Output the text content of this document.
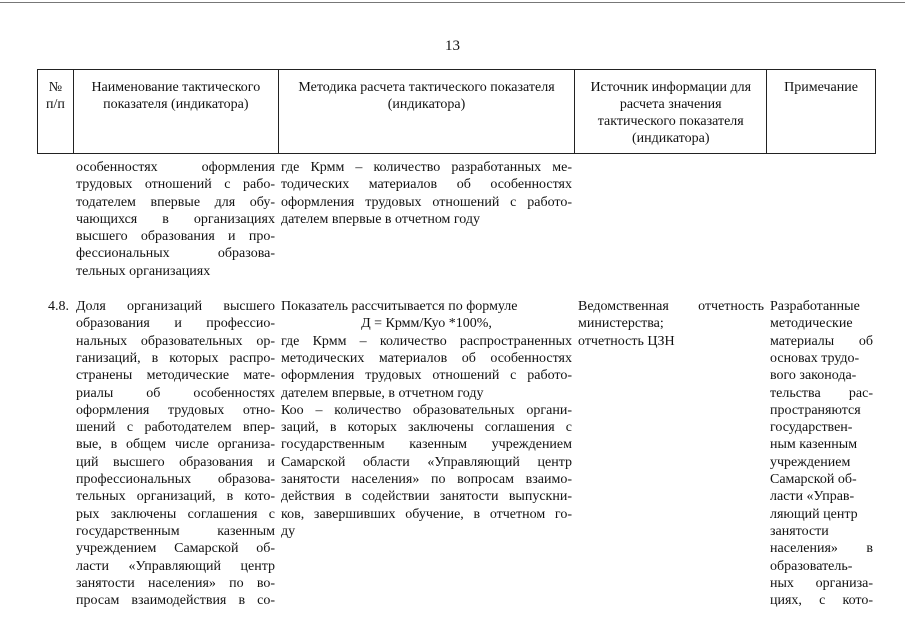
13
№
п/п
Наименование тактического
показателя (индикатора)
Методика расчета тактического показателя
(индикатора)
Источник информации для
расчета значения
тактического показателя
(индикатора)
Примечание
особенностях оформления
трудовых отношений с рабо-
тодателем впервые для обу-
чающихся в организациях
высшего образования и про-
фессиональных образова-
тельных организациях
где Крмм – количество разработанных ме-
тодических материалов об особенностях
оформления трудовых отношений с работо-
дателем впервые в отчетном году
4.8. Доля организаций высшего
образования и профессио-
нальных образовательных ор-
ганизаций, в которых распро-
странены методические мате-
риалы об особенностях
оформления трудовых отно-
шений с работодателем впер-
вые, в общем числе организа-
ций высшего образования и
профессиональных образова-
тельных организаций, в кото-
рых заключены соглашения с
государственным казенным
учреждением Самарской об-
ласти «Управляющий центр
занятости населения» по во-
просам взаимодействия в со-
Показатель рассчитывается по формуле
Д = Крмм/Куо *100%,
где Крмм – количество распространенных
методических материалов об особенностях
оформления трудовых отношений с работо-
дателем впервые, в отчетном году
Коо – количество образовательных органи-
заций, в которых заключены соглашения с
государственным казенным учреждением
Самарской области «Управляющий центр
занятости населения» по вопросам взаимо-
действия в содействии занятости выпускни-
ков, завершивших обучение, в отчетном го-
ду
Ведомственная отчетность
министерства;
отчетность ЦЗН
Разработанные
методические
материалы об
основах трудо-
вого законода-
тельства рас-
пространяются
государствен-
ным казенным
учреждением
Самарской об-
ласти «Управ-
ляющий центр
занятости
населения» в
образователь-
ных организа-
циях, с кото-
